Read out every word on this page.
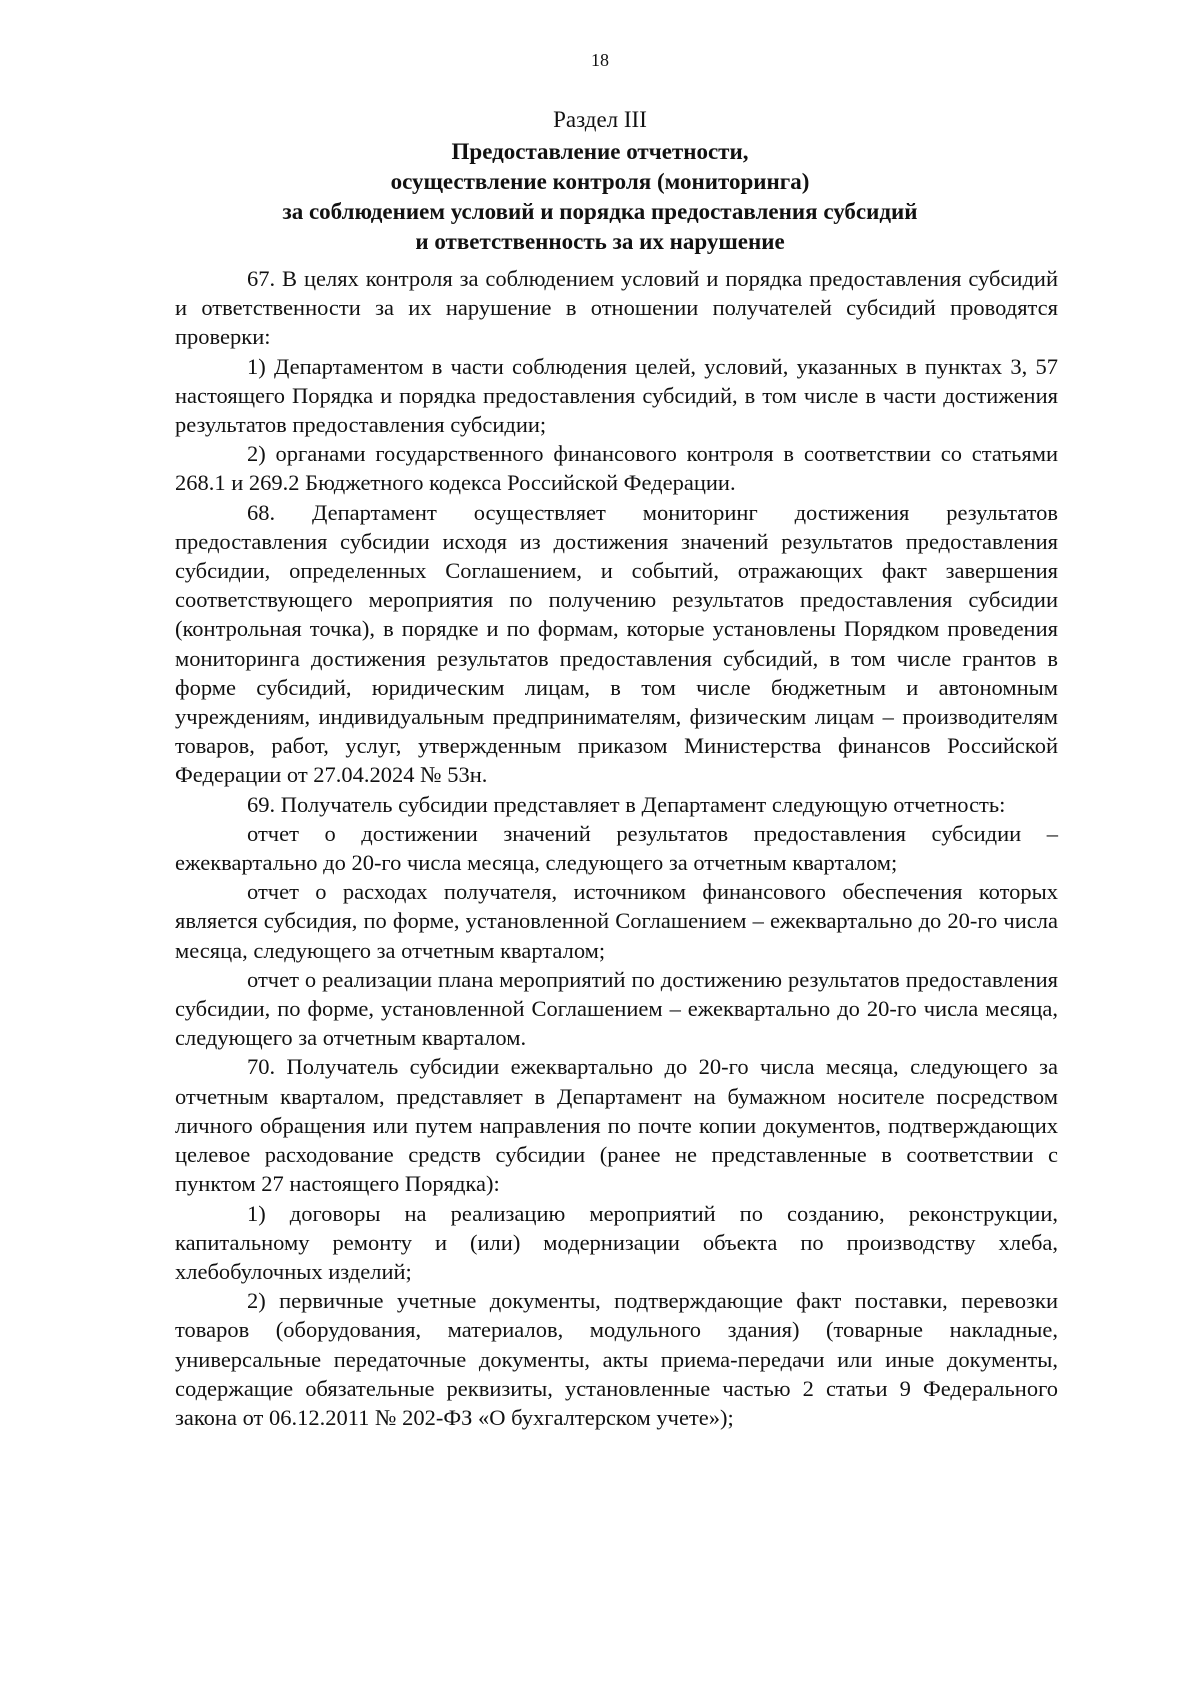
18
Раздел III
Предоставление отчетности,
осуществление контроля (мониторинга)
за соблюдением условий и порядка предоставления субсидий
и ответственность за их нарушение

67. В целях контроля за соблюдением условий и порядка предоставления субсидий и ответственности за их нарушение в отношении получателей субсидий проводятся проверки:

1) Департаментом в части соблюдения целей, условий, указанных в пунктах 3, 57 настоящего Порядка и порядка предоставления субсидий, в том числе в части достижения результатов предоставления субсидии;

2) органами государственного финансового контроля в соответствии со статьями 268.1 и 269.2 Бюджетного кодекса Российской Федерации.

68. Департамент осуществляет мониторинг достижения результатов предоставления субсидии исходя из достижения значений результатов предоставления субсидии, определенных Соглашением, и событий, отражающих факт завершения соответствующего мероприятия по получению результатов предоставления субсидии (контрольная точка), в порядке и по формам, которые установлены Порядком проведения мониторинга достижения результатов предоставления субсидий, в том числе грантов в форме субсидий, юридическим лицам, в том числе бюджетным и автономным учреждениям, индивидуальным предпринимателям, физическим лицам – производителям товаров, работ, услуг, утвержденным приказом Министерства финансов Российской Федерации от 27.04.2024 № 53н.

69. Получатель субсидии представляет в Департамент следующую отчетность:

отчет о достижении значений результатов предоставления субсидии – ежеквартально до 20-го числа месяца, следующего за отчетным кварталом;

отчет о расходах получателя, источником финансового обеспечения которых является субсидия, по форме, установленной Соглашением – ежеквартально до 20-го числа месяца, следующего за отчетным кварталом;

отчет о реализации плана мероприятий по достижению результатов предоставления субсидии, по форме, установленной Соглашением – ежеквартально до 20-го числа месяца, следующего за отчетным кварталом.

70. Получатель субсидии ежеквартально до 20-го числа месяца, следующего за отчетным кварталом, представляет в Департамент на бумажном носителе посредством личного обращения или путем направления по почте копии документов, подтверждающих целевое расходование средств субсидии (ранее не представленные в соответствии с пунктом 27 настоящего Порядка):

1) договоры на реализацию мероприятий по созданию, реконструкции, капитальному ремонту и (или) модернизации объекта по производству хлеба, хлебобулочных изделий;

2) первичные учетные документы, подтверждающие факт поставки, перевозки товаров (оборудования, материалов, модульного здания) (товарные накладные, универсальные передаточные документы, акты приема-передачи или иные документы, содержащие обязательные реквизиты, установленные частью 2 статьи 9 Федерального закона от 06.12.2011 № 202-ФЗ «О бухгалтерском учете»);
